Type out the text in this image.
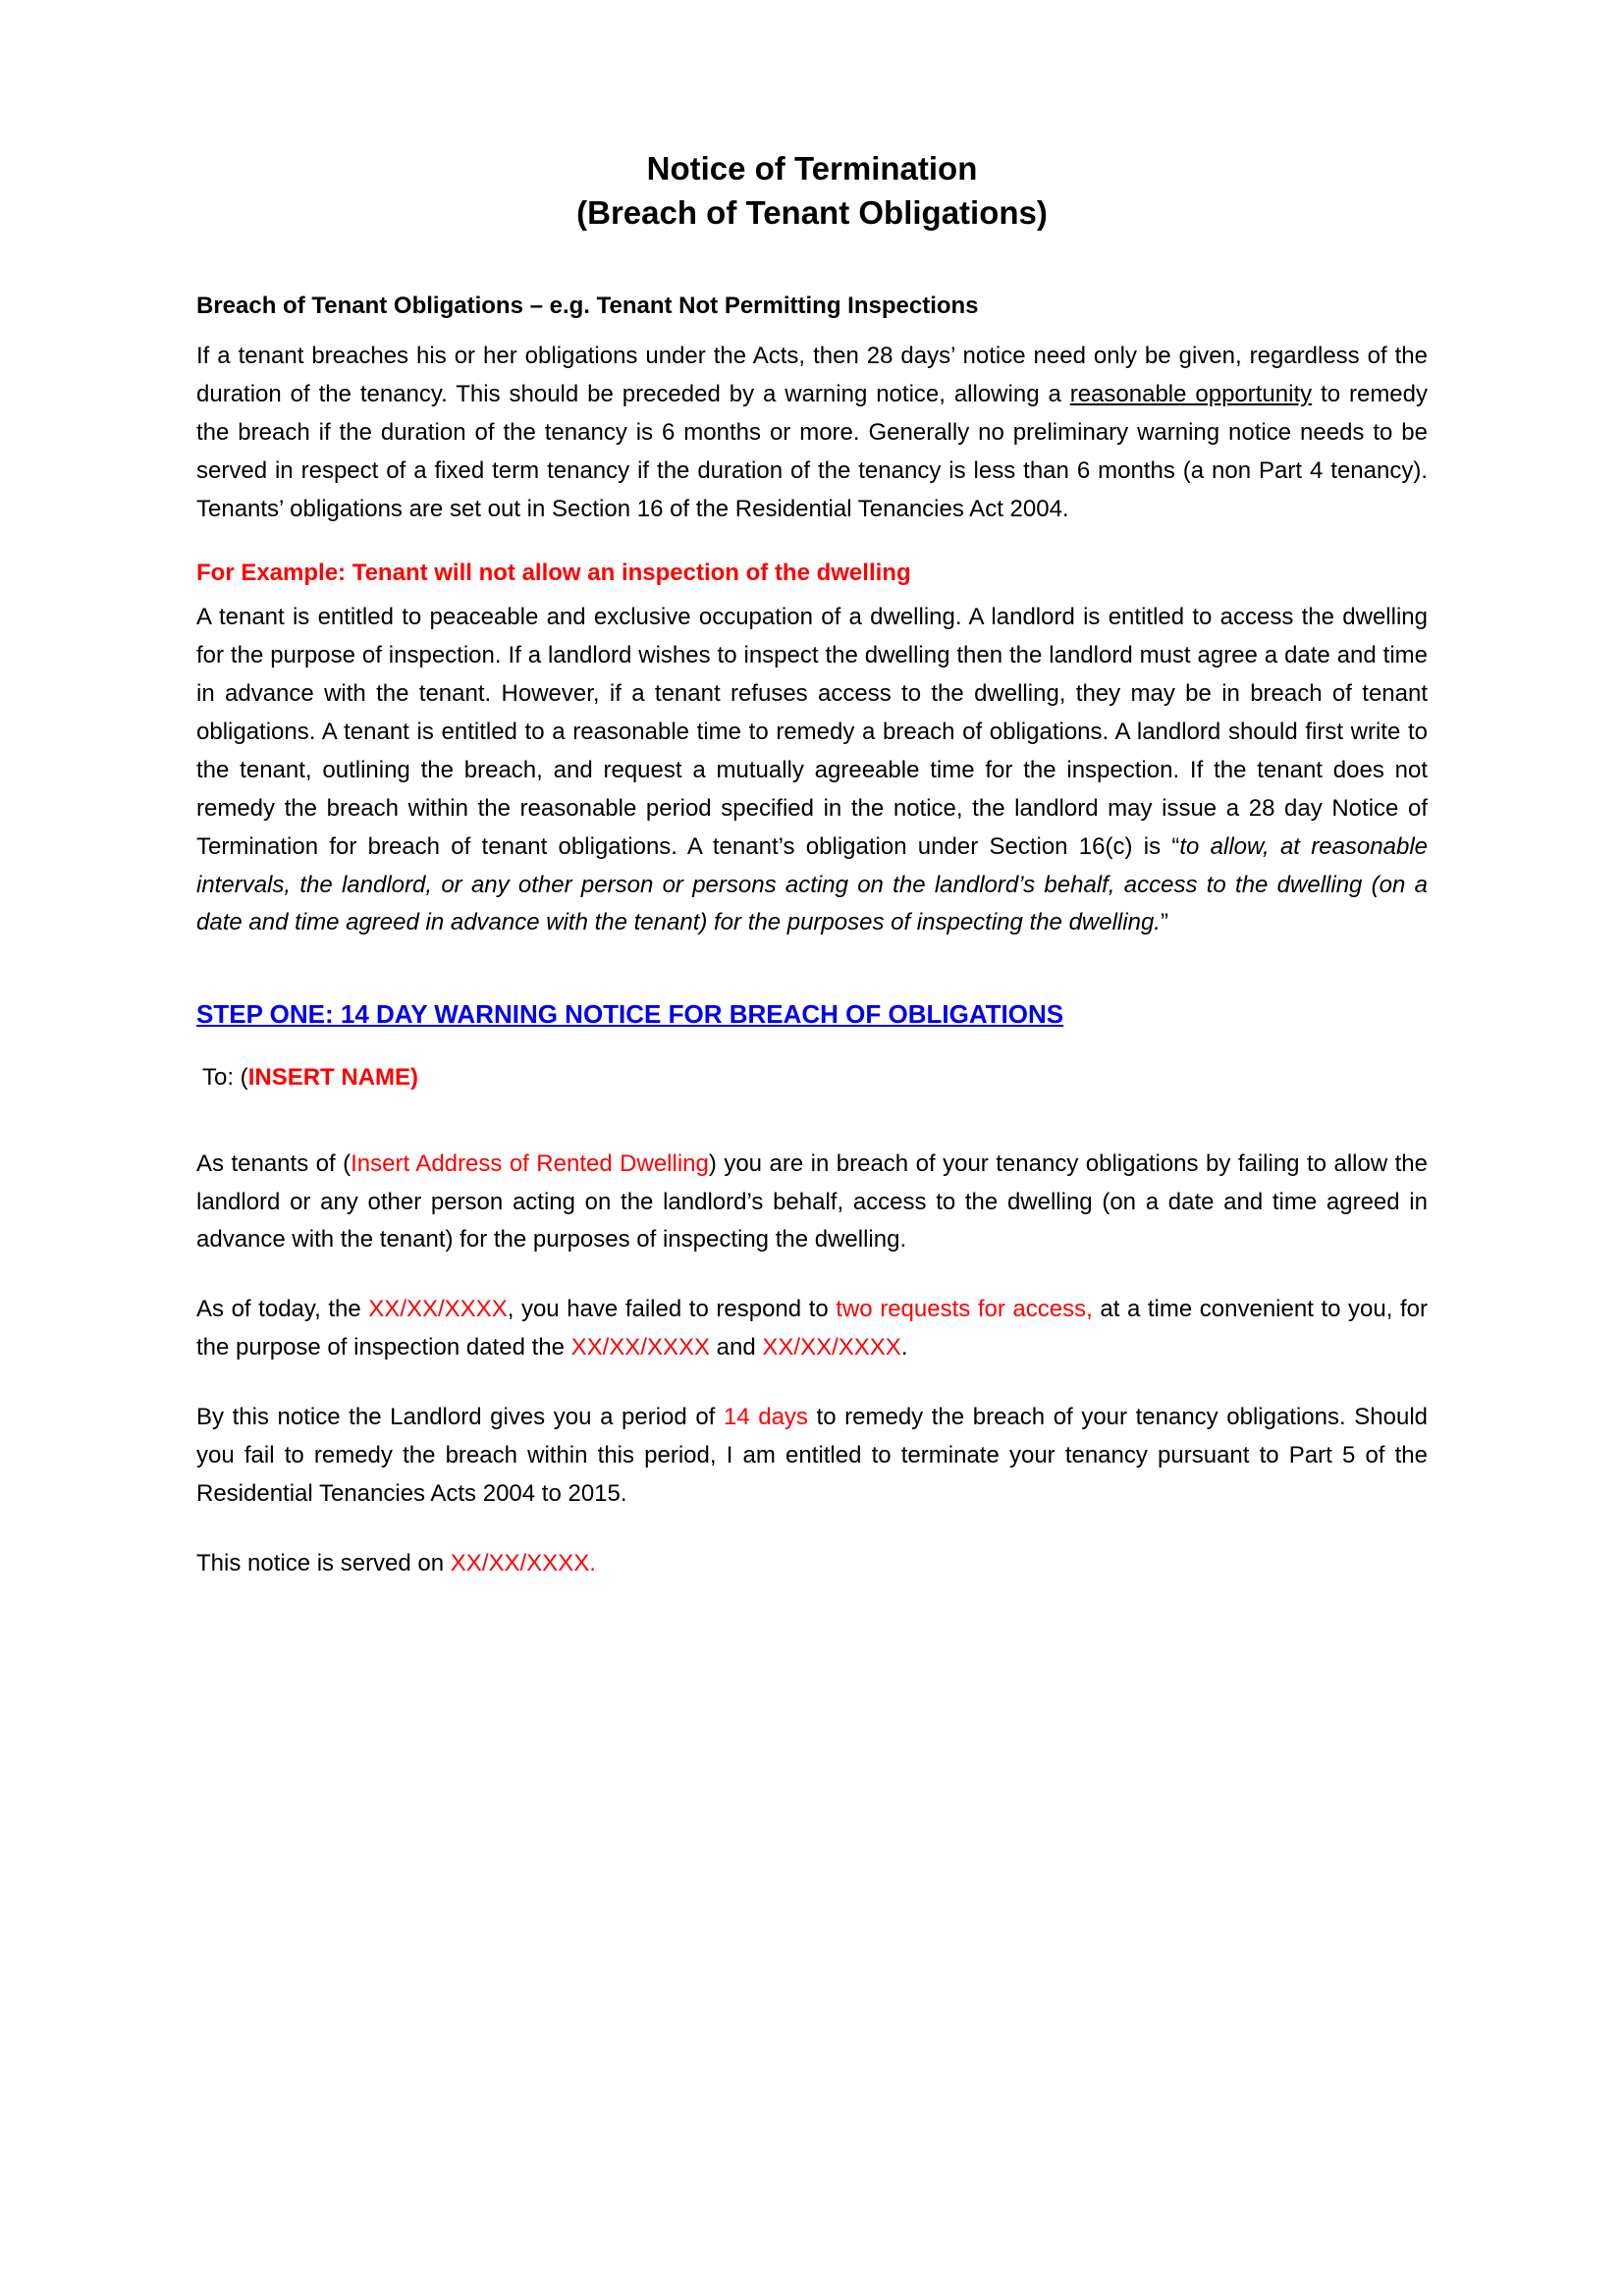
Notice of Termination
(Breach of Tenant Obligations)
Breach of Tenant Obligations – e.g. Tenant Not Permitting Inspections

If a tenant breaches his or her obligations under the Acts, then 28 days’ notice need only be given, regardless of the duration of the tenancy. This should be preceded by a warning notice, allowing a reasonable opportunity to remedy the breach if the duration of the tenancy is 6 months or more. Generally no preliminary warning notice needs to be served in respect of a fixed term tenancy if the duration of the tenancy is less than 6 months (a non Part 4 tenancy). Tenants’ obligations are set out in Section 16 of the Residential Tenancies Act 2004.

For Example: Tenant will not allow an inspection of the dwelling

A tenant is entitled to peaceable and exclusive occupation of a dwelling. A landlord is entitled to access the dwelling for the purpose of inspection. If a landlord wishes to inspect the dwelling then the landlord must agree a date and time in advance with the tenant. However, if a tenant refuses access to the dwelling, they may be in breach of tenant obligations. A tenant is entitled to a reasonable time to remedy a breach of obligations. A landlord should first write to the tenant, outlining the breach, and request a mutually agreeable time for the inspection. If the tenant does not remedy the breach within the reasonable period specified in the notice, the landlord may issue a 28 day Notice of Termination for breach of tenant obligations. A tenant’s obligation under Section 16(c) is “to allow, at reasonable intervals, the landlord, or any other person or persons acting on the landlord’s behalf, access to the dwelling (on a date and time agreed in advance with the tenant) for the purposes of inspecting the dwelling.”

STEP ONE: 14 DAY WARNING NOTICE FOR BREACH OF OBLIGATIONS

To: (INSERT NAME)

As tenants of (Insert Address of Rented Dwelling) you are in breach of your tenancy obligations by failing to allow the landlord or any other person acting on the landlord’s behalf, access to the dwelling (on a date and time agreed in advance with the tenant) for the purposes of inspecting the dwelling.

As of today, the XX/XX/XXXX, you have failed to respond to two requests for access, at a time convenient to you, for the purpose of inspection dated the XX/XX/XXXX and XX/XX/XXXX.

By this notice the Landlord gives you a period of 14 days to remedy the breach of your tenancy obligations. Should you fail to remedy the breach within this period, I am entitled to terminate your tenancy pursuant to Part 5 of the Residential Tenancies Acts 2004 to 2015.

This notice is served on XX/XX/XXXX.
